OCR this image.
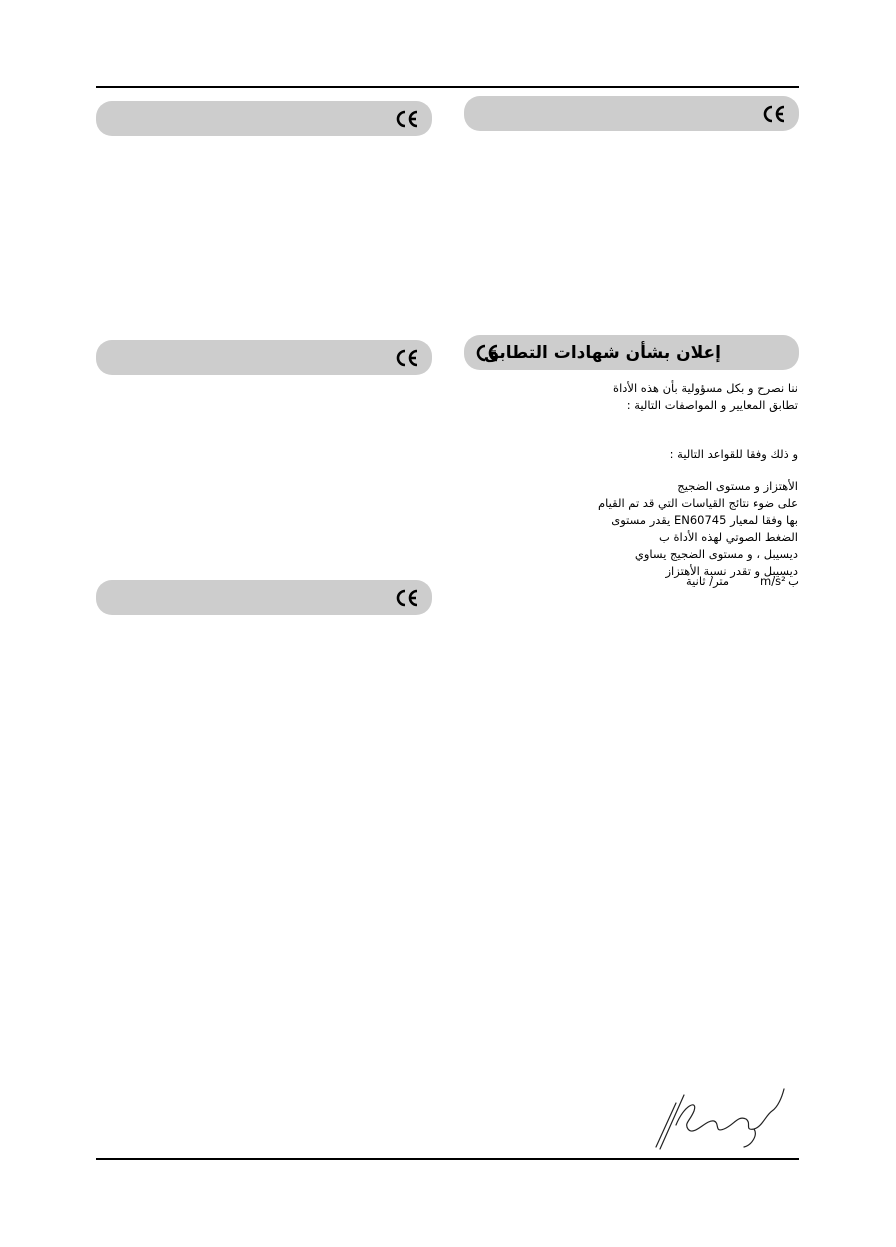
إعلان بشأن شهادات التطابق
ننا نصرح و بكل مسؤولية بأن هذه الأداة
تطابق المعايير و المواصفات التالية :
و ذلك وفقا للقواعد التالية :
الأهتزاز و مستوى الضجيج
على ضوء نتائج القياسات التي قد تم القيام
بها وفقا لمعيار EN60745 يقدر مستوى
الضغط الصوتي لهذه الأداة ب
ديسيبل ، و مستوى الضجيج يساوي
ديسيبل و تقدر نسبة الأهتزاز
ب
m/s²
متر/ ثانية
